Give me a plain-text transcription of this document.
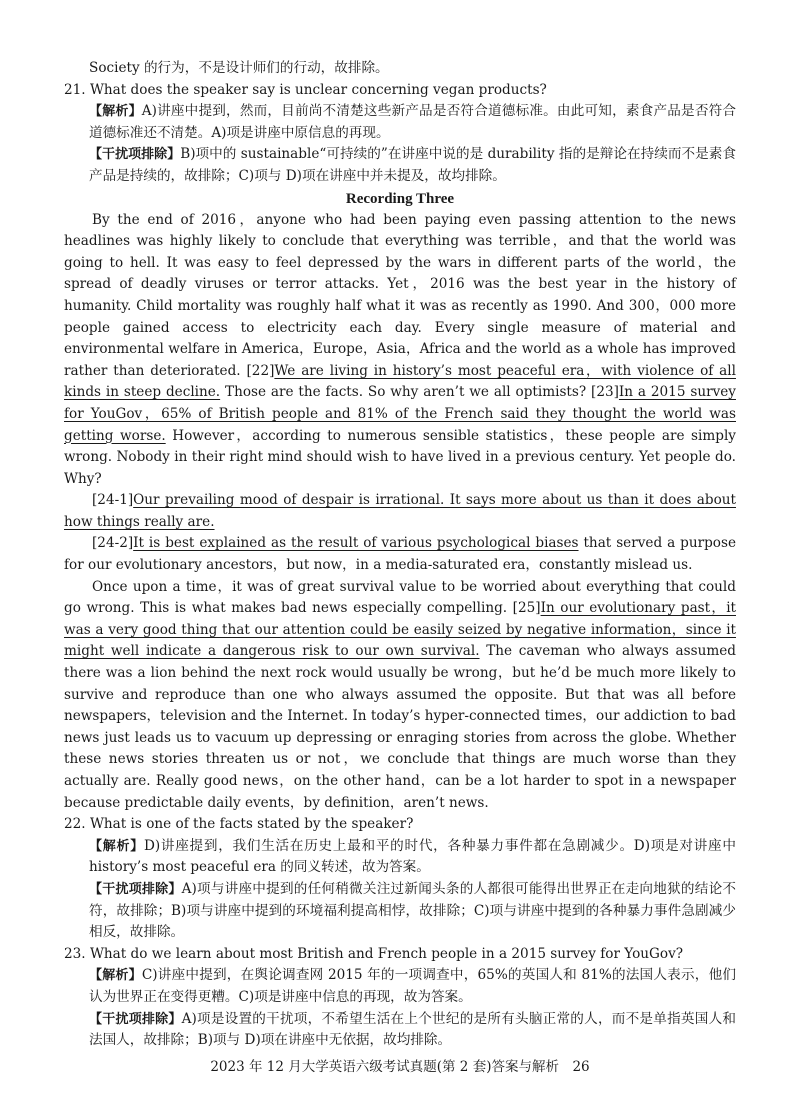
Society 的行为，不是设计师们的行动，故排除。

21. What does the speaker say is unclear concerning vegan products?

【解析】A)讲座中提到，然而，目前尚不清楚这些新产品是否符合道德标准。由此可知，素食产品是否符合道德标准还不清楚。A)项是讲座中原信息的再现。

【干扰项排除】B)项中的 sustainable“可持续的”在讲座中说的是 durability 指的是辩论在持续而不是素食产品是持续的，故排除；C)项与 D)项在讲座中并未提及，故均排除。

Recording Three

By the end of 2016，anyone who had been paying even passing attention to the news headlines was highly likely to conclude that everything was terrible，and that the world was going to hell. It was easy to feel depressed by the wars in different parts of the world，the spread of deadly viruses or terror attacks. Yet，2016 was the best year in the history of humanity. Child mortality was roughly half what it was as recently as 1990. And 300，000 more people gained access to electricity each day. Every single measure of material and environmental welfare in America，Europe，Asia，Africa and the world as a whole has improved rather than deteriorated. [22]We are living in history’s most peaceful era，with violence of all kinds in steep decline. Those are the facts. So why aren’t we all optimists? [23]In a 2015 survey for YouGov，65% of British people and 81% of the French said they thought the world was getting worse. However，according to numerous sensible statistics，these people are simply wrong. Nobody in their right mind should wish to have lived in a previous century. Yet people do. Why?

[24-1]Our prevailing mood of despair is irrational. It says more about us than it does about how things really are.

[24-2]It is best explained as the result of various psychological biases that served a purpose for our evolutionary ancestors，but now，in a media-saturated era，constantly mislead us.

Once upon a time，it was of great survival value to be worried about everything that could go wrong. This is what makes bad news especially compelling. [25]In our evolutionary past，it was a very good thing that our attention could be easily seized by negative information，since it might well indicate a dangerous risk to our own survival. The caveman who always assumed there was a lion behind the next rock would usually be wrong，but he’d be much more likely to survive and reproduce than one who always assumed the opposite. But that was all before newspapers，television and the Internet. In today’s hyper-connected times，our addiction to bad news just leads us to vacuum up depressing or enraging stories from across the globe. Whether these news stories threaten us or not，we conclude that things are much worse than they actually are. Really good news，on the other hand，can be a lot harder to spot in a newspaper because predictable daily events，by definition，aren’t news.

22. What is one of the facts stated by the speaker?

【解析】D)讲座提到，我们生活在历史上最和平的时代，各种暴力事件都在急剧减少。D)项是对讲座中 history’s most peaceful era 的同义转述，故为答案。

【干扰项排除】A)项与讲座中提到的任何稍微关注过新闻头条的人都很可能得出世界正在走向地狱的结论不符，故排除；B)项与讲座中提到的环境福利提高相悖，故排除；C)项与讲座中提到的各种暴力事件急剧减少相反，故排除。

23. What do we learn about most British and French people in a 2015 survey for YouGov?

【解析】C)讲座中提到，在舆论调查网 2015 年的一项调查中，65%的英国人和 81%的法国人表示，他们认为世界正在变得更糟。C)项是讲座中信息的再现，故为答案。

【干扰项排除】A)项是设置的干扰项，不希望生活在上个世纪的是所有头脑正常的人，而不是单指英国人和法国人，故排除；B)项与 D)项在讲座中无依据，故均排除。

2023 年 12 月大学英语六级考试真题(第 2 套)答案与解析　26
